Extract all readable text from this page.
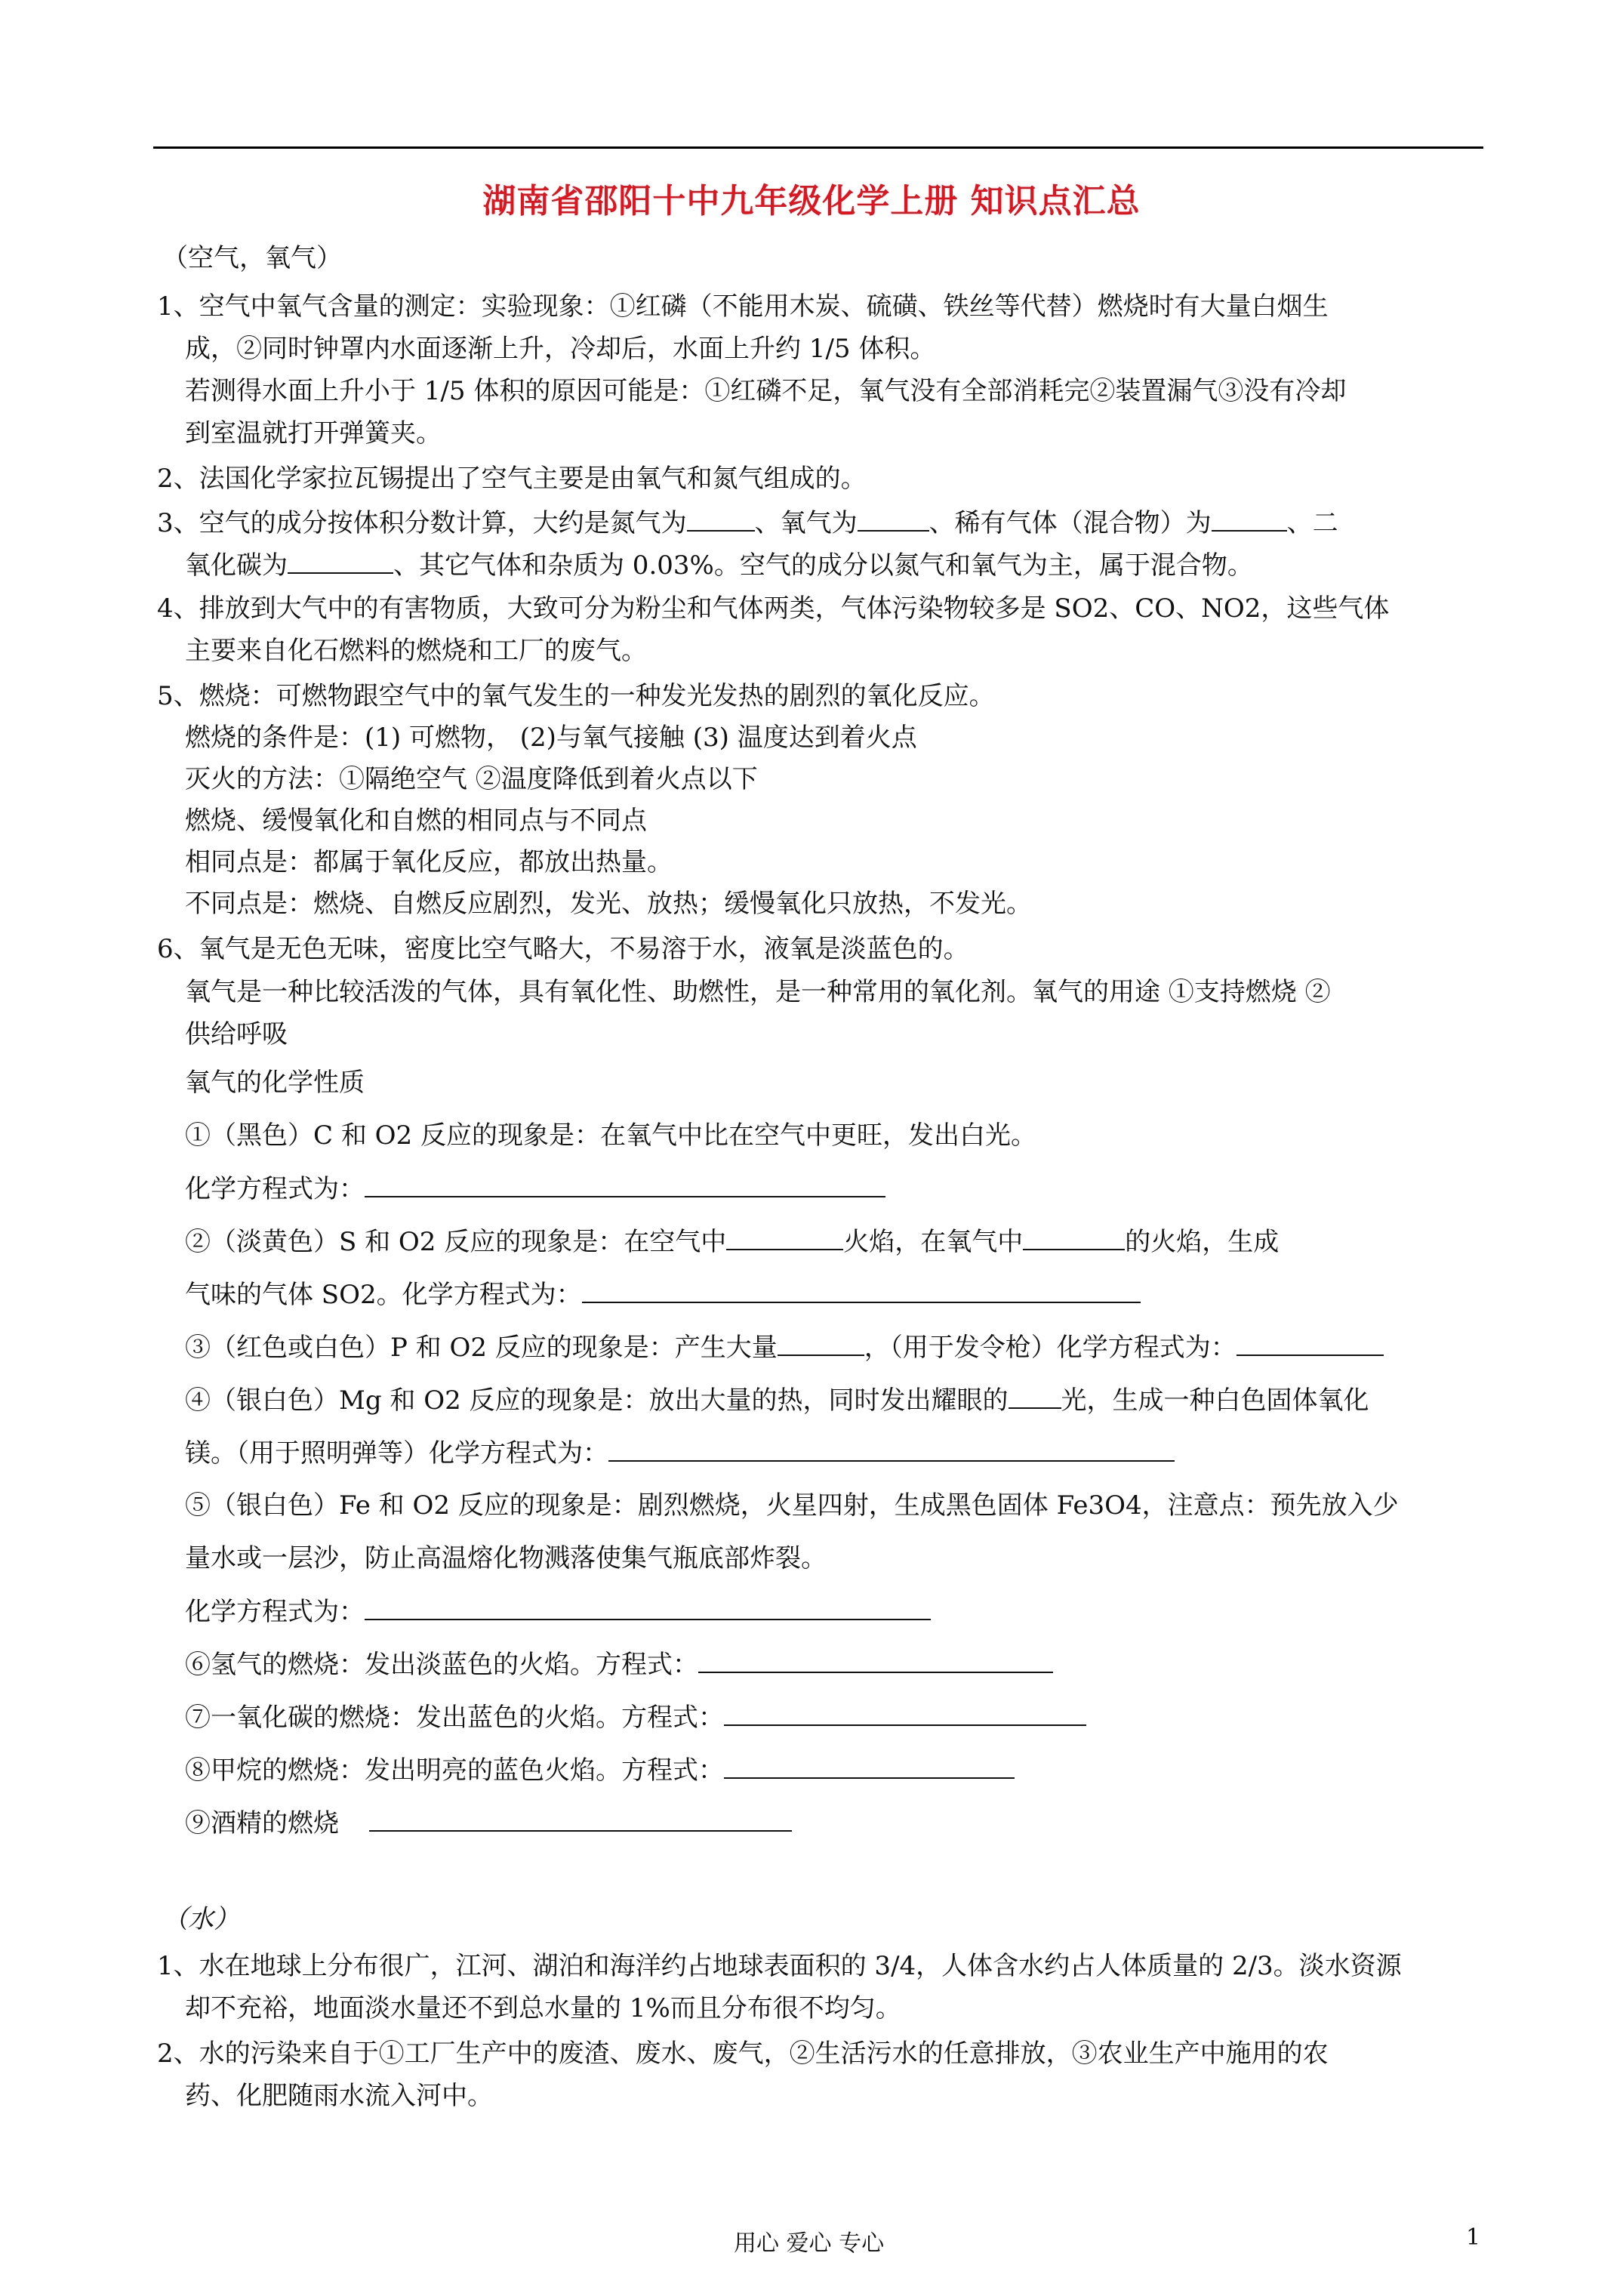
湖南省邵阳十中九年级化学上册 知识点汇总
（空气，氧气）
1、空气中氧气含量的测定：实验现象：①红磷（不能用木炭、硫磺、铁丝等代替）燃烧时有大量白烟生
成，②同时钟罩内水面逐渐上升，冷却后，水面上升约 1/5 体积。
若测得水面上升小于 1/5 体积的原因可能是：①红磷不足，氧气没有全部消耗完②装置漏气③没有冷却
到室温就打开弹簧夹。
2、法国化学家拉瓦锡提出了空气主要是由氧气和氮气组成的。
3、空气的成分按体积分数计算，大约是氮气为	、氧气为	、稀有气体（混合物）为	、二
氧化碳为	、其它气体和杂质为 0.03%。空气的成分以氮气和氧气为主，属于混合物。
4、排放到大气中的有害物质，大致可分为粉尘和气体两类，气体污染物较多是 SO2、CO、NO2，这些气体
主要来自化石燃料的燃烧和工厂的废气。
5、燃烧：可燃物跟空气中的氧气发生的一种发光发热的剧烈的氧化反应。
燃烧的条件是：(1) 可燃物， (2)与氧气接触 (3) 温度达到着火点
灭火的方法：①隔绝空气 ②温度降低到着火点以下
燃烧、缓慢氧化和自燃的相同点与不同点
相同点是：都属于氧化反应，都放出热量。
不同点是：燃烧、自燃反应剧烈，发光、放热；缓慢氧化只放热，不发光。
6、氧气是无色无味，密度比空气略大，不易溶于水，液氧是淡蓝色的。
氧气是一种比较活泼的气体，具有氧化性、助燃性，是一种常用的氧化剂。氧气的用途 ①支持燃烧 ②
供给呼吸
氧气的化学性质
①（黑色）C 和 O2 反应的现象是：在氧气中比在空气中更旺，发出白光。
化学方程式为：
②（淡黄色）S 和 O2 反应的现象是：在空气中	火焰，在氧气中	的火焰，生成
气味的气体 SO2。化学方程式为：
③（红色或白色）P 和 O2 反应的现象是：产生大量	，（用于发令枪）化学方程式为：
④（银白色）Mg 和 O2 反应的现象是：放出大量的热，同时发出耀眼的 光，生成一种白色固体氧化
镁。（用于照明弹等）化学方程式为：
⑤（银白色）Fe 和 O2 反应的现象是：剧烈燃烧，火星四射，生成黑色固体 Fe3O4，注意点：预先放入少
量水或一层沙，防止高温熔化物溅落使集气瓶底部炸裂。
化学方程式为：
⑥氢气的燃烧：发出淡蓝色的火焰。方程式：
⑦一氧化碳的燃烧：发出蓝色的火焰。方程式：
⑧甲烷的燃烧：发出明亮的蓝色火焰。方程式：
⑨酒精的燃烧
（水）
1、水在地球上分布很广，江河、湖泊和海洋约占地球表面积的 3/4，人体含水约占人体质量的 2/3。淡水资源
却不充裕，地面淡水量还不到总水量的 1%而且分布很不均匀。
2、水的污染来自于①工厂生产中的废渣、废水、废气，②生活污水的任意排放，③农业生产中施用的农
药、化肥随雨水流入河中。
用心 爱心 专心	1
